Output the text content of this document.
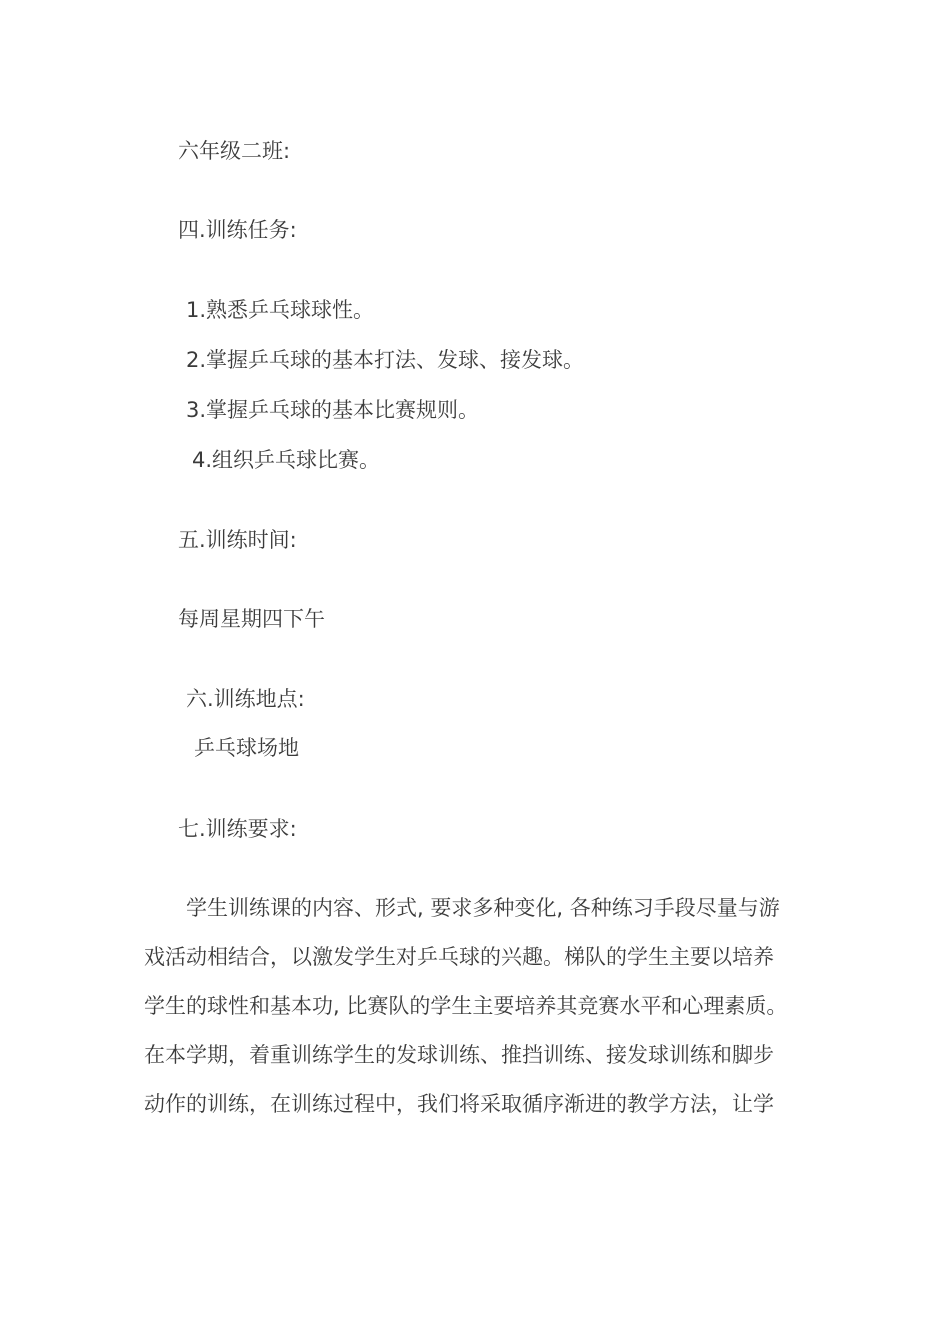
六年级二班:
四.训练任务:
1.熟悉乒乓球球性。
2.掌握乒乓球的基本打法、发球、接发球。
3.掌握乒乓球的基本比赛规则。
4.组织乒乓球比赛。
五.训练时间:
每周星期四下午
六.训练地点:
乒乓球场地
七.训练要求:
学生训练课的内容、形式, 要求多种变化, 各种练习手段尽量与游
戏活动相结合，以激发学生对乒乓球的兴趣。梯队的学生主要以培养
学生的球性和基本功, 比赛队的学生主要培养其竞赛水平和心理素质。
在本学期，着重训练学生的发球训练、推挡训练、接发球训练和脚步
动作的训练，在训练过程中，我们将采取循序渐进的教学方法，让学
